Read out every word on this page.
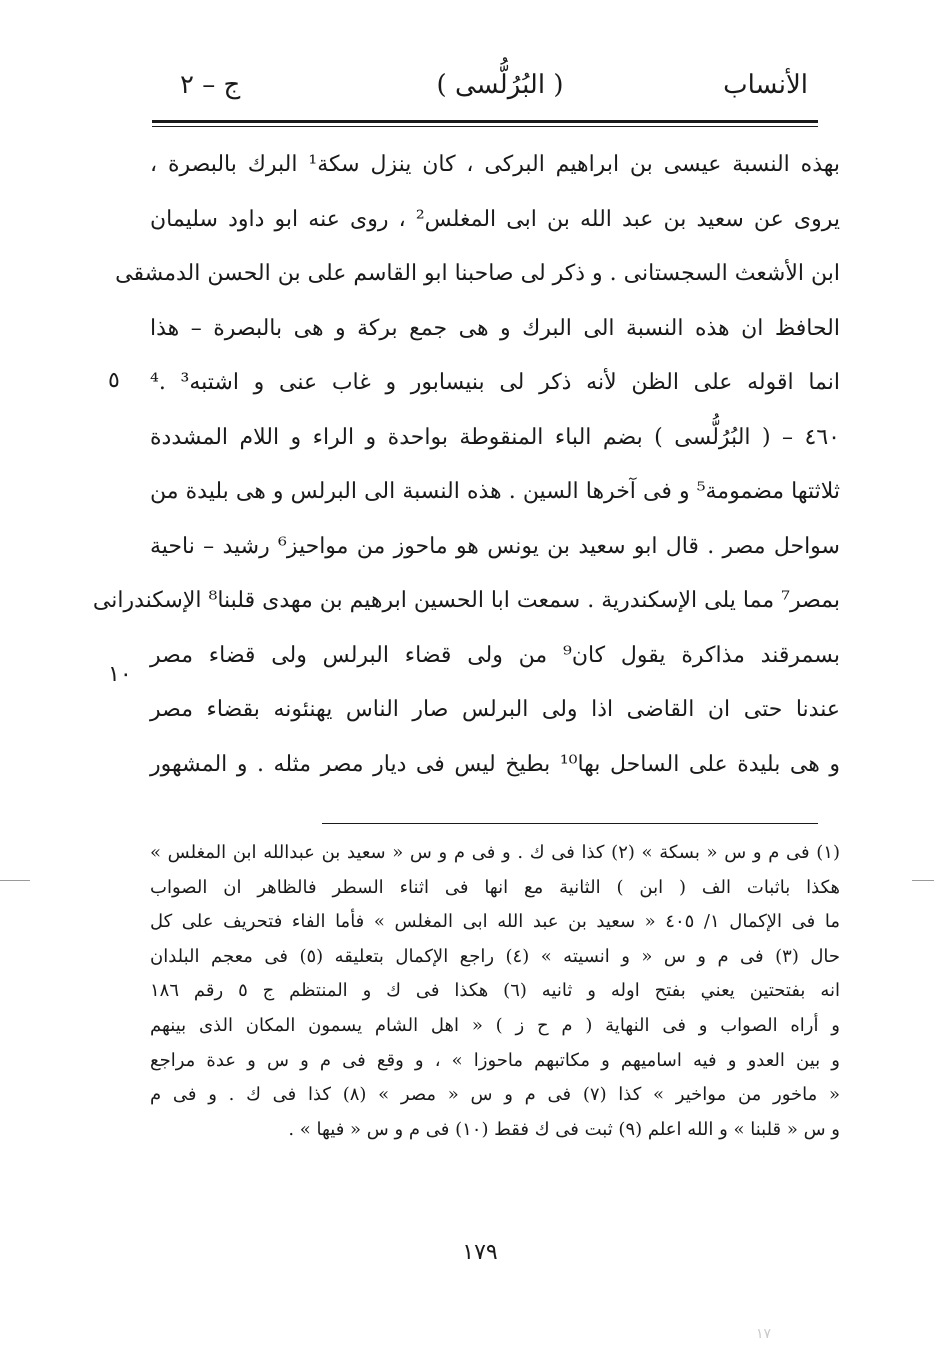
الأنساب
( البُرُلُّسى )
ج – ٢
بهذه النسبة عيسى بن ابراهيم البركى ، كان ينزل سكة¹ البرك بالبصرة ،
يروى عن سعيد بن عبد الله بن ابى المغلس² ، روى عنه ابو داود سليمان
ابن الأشعث السجستانى . و ذكر لى صاحبنا ابو القاسم على بن الحسن الدمشقى
الحافظ ان هذه النسبة الى البرك و هى جمع بركة و هى بالبصرة – هذا
انما اقوله على الظن لأنه ذكر لى بنيسابور و غاب عنى و اشتبه³ .⁴
٤٦٠ – ( البُرُلُّسى ) بضم الباء المنقوطة بواحدة و الراء و اللام المشددة
ثلاثتها مضمومة⁵ و فى آخرها السين . هذه النسبة الى البرلس و هى بليدة من
سواحل مصر . قال ابو سعيد بن يونس هو ماحوز من مواحيز⁶ رشيد – ناحية
بمصر⁷ مما يلى الإسكندرية . سمعت ابا الحسين ابرهيم بن مهدى قلبنا⁸ الإسكندرانى
بسمرقند مذاكرة يقول كان⁹ من ولى قضاء البرلس ولى قضاء مصر
عندنا حتى ان القاضى اذا ولى البرلس صار الناس يهنئونه بقضاء مصر
و هى بليدة على الساحل بها¹⁰ بطيخ ليس فى ديار مصر مثله . و المشهور
٥
١٠
(١) فى م و س « بسكة » (٢) كذا فى ك . و فى م و س « سعيد بن عبدالله ابن المغلس »
هكذا باثبات الف ( ابن ) الثانية مع انها فى اثناء السطر فالظاهر ان الصواب
ما فى الإكمال ١/ ٤٠٥ « سعيد بن عبد الله ابى المغلس » فأما الفاء فتحريف على كل
حال (٣) فى م و س « و انسيته » (٤) راجع الإكمال بتعليقه (٥) فى معجم البلدان
انه بفتحتين يعني بفتح اوله و ثانيه (٦) هكذا فى ك و المنتظم ج ٥ رقم ١٨٦
و أراه الصواب و فى النهاية ( م ح ز ) « اهل الشام يسمون المكان الذى بينهم
و بين العدو و فيه اساميهم و مكاتبهم ماحوزا » ، و وقع فى م و س و عدة مراجع
« ماخور من مواخير » كذا (٧) فى م و س « مصر » (٨) كذا فى ك . و فى م
و س « قلبنا » و الله اعلم (٩) ثبت فى ك فقط (١٠) فى م و س « فيها » .
١٧٩
١٧
